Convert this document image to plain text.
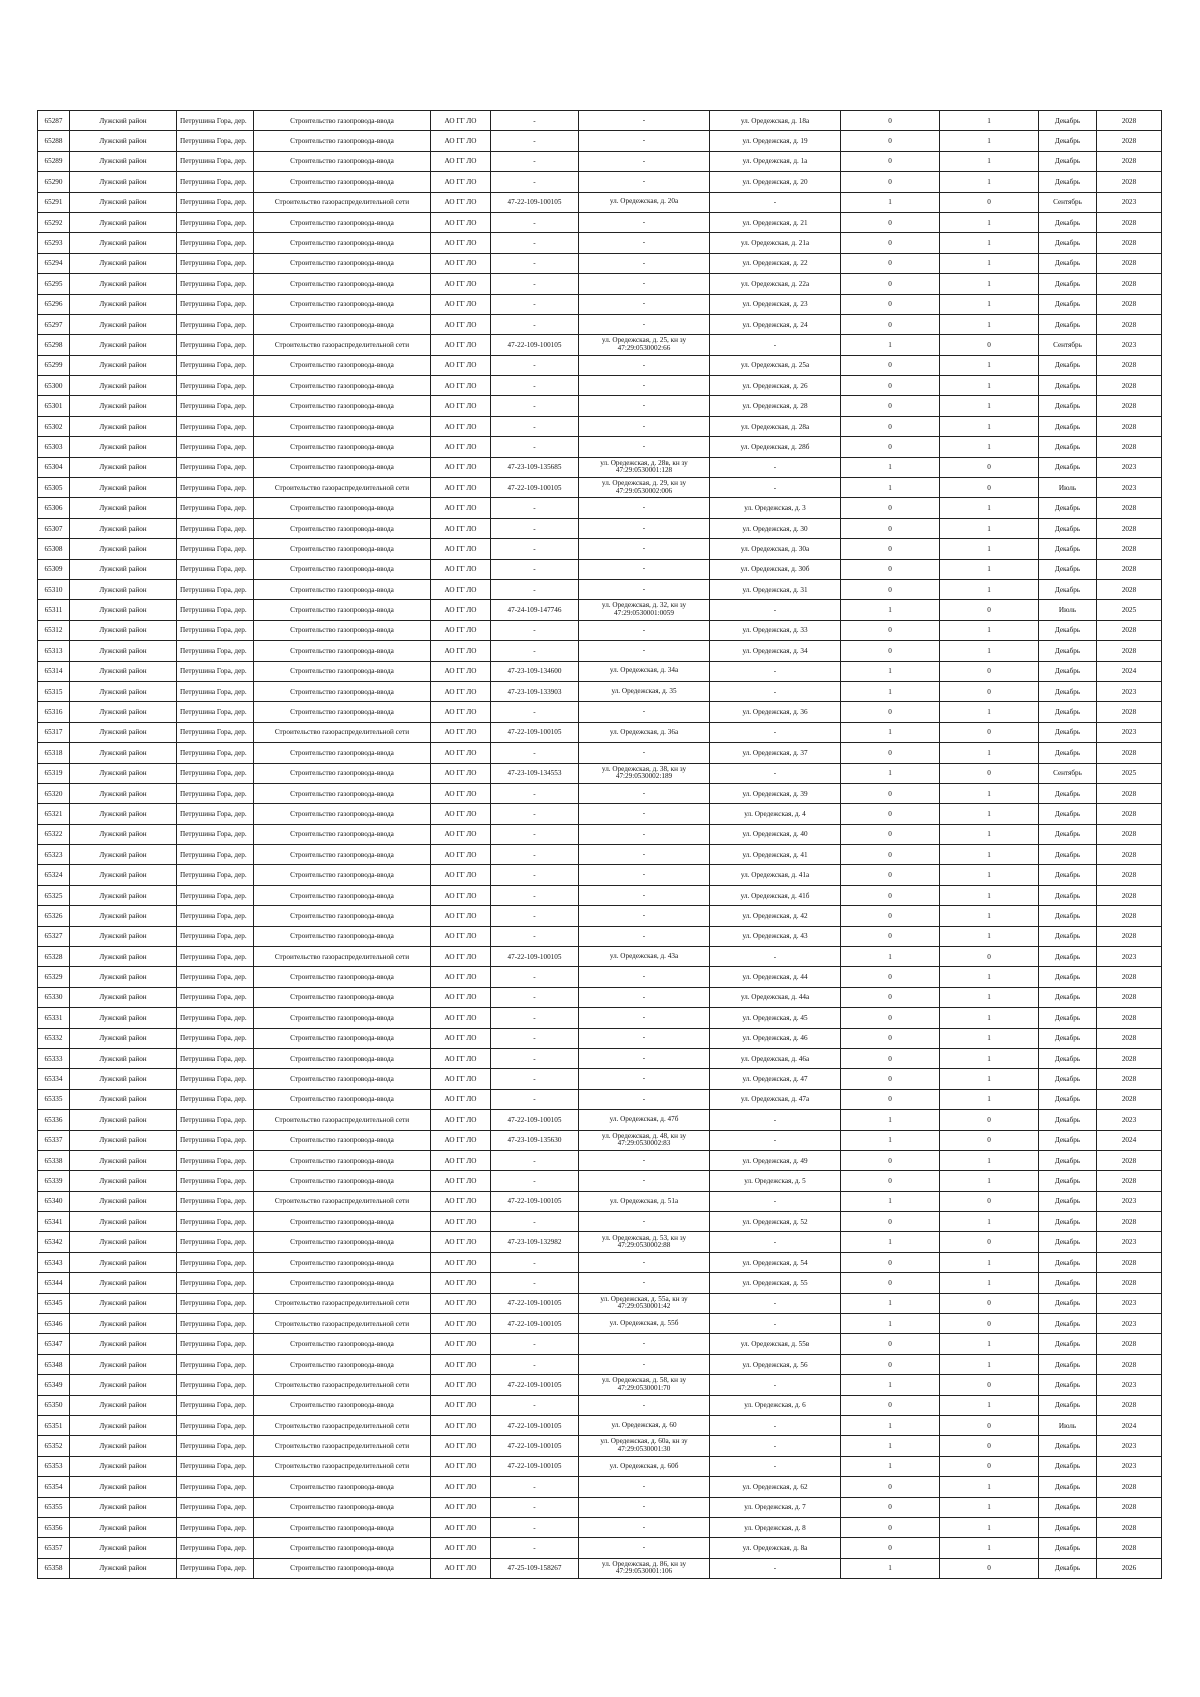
65287	Лужский район	Петрушина Гора, дер.	Строительство газопровода-ввода	АО ГГ ЛО	-	-	ул. Оредежская, д. 18а	0	1	Декабрь	2028
65288	Лужский район	Петрушина Гора, дер.	Строительство газопровода-ввода	АО ГГ ЛО	-	-	ул. Оредежская, д. 19	0	1	Декабрь	2028
65289	Лужский район	Петрушина Гора, дер.	Строительство газопровода-ввода	АО ГГ ЛО	-	-	ул. Оредежская, д. 1а	0	1	Декабрь	2028
65290	Лужский район	Петрушина Гора, дер.	Строительство газопровода-ввода	АО ГГ ЛО	-	-	ул. Оредежская, д. 20	0	1	Декабрь	2028
65291	Лужский район	Петрушина Гора, дер.	Строительство газораспределительной сети	АО ГГ ЛО	47-22-109-100105	ул. Оредежская, д. 20а	-	1	0	Сентябрь	2023
65292	Лужский район	Петрушина Гора, дер.	Строительство газопровода-ввода	АО ГГ ЛО	-	-	ул. Оредежская, д. 21	0	1	Декабрь	2028
65293	Лужский район	Петрушина Гора, дер.	Строительство газопровода-ввода	АО ГГ ЛО	-	-	ул. Оредежская, д. 21а	0	1	Декабрь	2028
65294	Лужский район	Петрушина Гора, дер.	Строительство газопровода-ввода	АО ГГ ЛО	-	-	ул. Оредежская, д. 22	0	1	Декабрь	2028
65295	Лужский район	Петрушина Гора, дер.	Строительство газопровода-ввода	АО ГГ ЛО	-	-	ул. Оредежская, д. 22а	0	1	Декабрь	2028
65296	Лужский район	Петрушина Гора, дер.	Строительство газопровода-ввода	АО ГГ ЛО	-	-	ул. Оредежская, д. 23	0	1	Декабрь	2028
65297	Лужский район	Петрушина Гора, дер.	Строительство газопровода-ввода	АО ГГ ЛО	-	-	ул. Оредежская, д. 24	0	1	Декабрь	2028
65298	Лужский район	Петрушина Гора, дер.	Строительство газораспределительной сети	АО ГГ ЛО	47-22-109-100105	ул. Оредежская, д. 25, кн зу 47:29:0530002:66	-	1	0	Сентябрь	2023
65299	Лужский район	Петрушина Гора, дер.	Строительство газопровода-ввода	АО ГГ ЛО	-	-	ул. Оредежская, д. 25а	0	1	Декабрь	2028
65300	Лужский район	Петрушина Гора, дер.	Строительство газопровода-ввода	АО ГГ ЛО	-	-	ул. Оредежская, д. 26	0	1	Декабрь	2028
65301	Лужский район	Петрушина Гора, дер.	Строительство газопровода-ввода	АО ГГ ЛО	-	-	ул. Оредежская, д. 28	0	1	Декабрь	2028
65302	Лужский район	Петрушина Гора, дер.	Строительство газопровода-ввода	АО ГГ ЛО	-	-	ул. Оредежская, д. 28а	0	1	Декабрь	2028
65303	Лужский район	Петрушина Гора, дер.	Строительство газопровода-ввода	АО ГГ ЛО	-	-	ул. Оредежская, д. 28б	0	1	Декабрь	2028
65304	Лужский район	Петрушина Гора, дер.	Строительство газопровода-ввода	АО ГГ ЛО	47-23-109-135685	ул. Оредежская, д. 28в, кн зу 47:29:0530001:128	-	1	0	Декабрь	2023
65305	Лужский район	Петрушина Гора, дер.	Строительство газораспределительной сети	АО ГГ ЛО	47-22-109-100105	ул. Оредежская, д. 29, кн зу 47:29:0530002:006	-	1	0	Июль	2023
65306	Лужский район	Петрушина Гора, дер.	Строительство газопровода-ввода	АО ГГ ЛО	-	-	ул. Оредежская, д. 3	0	1	Декабрь	2028
65307	Лужский район	Петрушина Гора, дер.	Строительство газопровода-ввода	АО ГГ ЛО	-	-	ул. Оредежская, д. 30	0	1	Декабрь	2028
65308	Лужский район	Петрушина Гора, дер.	Строительство газопровода-ввода	АО ГГ ЛО	-	-	ул. Оредежская, д. 30а	0	1	Декабрь	2028
65309	Лужский район	Петрушина Гора, дер.	Строительство газопровода-ввода	АО ГГ ЛО	-	-	ул. Оредежская, д. 30б	0	1	Декабрь	2028
65310	Лужский район	Петрушина Гора, дер.	Строительство газопровода-ввода	АО ГГ ЛО	-	-	ул. Оредежская, д. 31	0	1	Декабрь	2028
65311	Лужский район	Петрушина Гора, дер.	Строительство газопровода-ввода	АО ГГ ЛО	47-24-109-147746	ул. Оредежская, д. 32, кн зу 47:29:0530001:0059	-	1	0	Июль	2025
65312	Лужский район	Петрушина Гора, дер.	Строительство газопровода-ввода	АО ГГ ЛО	-	-	ул. Оредежская, д. 33	0	1	Декабрь	2028
65313	Лужский район	Петрушина Гора, дер.	Строительство газопровода-ввода	АО ГГ ЛО	-	-	ул. Оредежская, д. 34	0	1	Декабрь	2028
65314	Лужский район	Петрушина Гора, дер.	Строительство газопровода-ввода	АО ГГ ЛО	47-23-109-134600	ул. Оредежская, д. 34а	-	1	0	Декабрь	2024
65315	Лужский район	Петрушина Гора, дер.	Строительство газопровода-ввода	АО ГГ ЛО	47-23-109-133903	ул. Оредежская, д. 35	-	1	0	Декабрь	2023
65316	Лужский район	Петрушина Гора, дер.	Строительство газопровода-ввода	АО ГГ ЛО	-	-	ул. Оредежская, д. 36	0	1	Декабрь	2028
65317	Лужский район	Петрушина Гора, дер.	Строительство газораспределительной сети	АО ГГ ЛО	47-22-109-100105	ул. Оредежская, д. 36а	-	1	0	Декабрь	2023
65318	Лужский район	Петрушина Гора, дер.	Строительство газопровода-ввода	АО ГГ ЛО	-	-	ул. Оредежская, д. 37	0	1	Декабрь	2028
65319	Лужский район	Петрушина Гора, дер.	Строительство газопровода-ввода	АО ГГ ЛО	47-23-109-134553	ул. Оредежская, д. 38, кн зу 47:29:0530002:189	-	1	0	Сентябрь	2025
65320	Лужский район	Петрушина Гора, дер.	Строительство газопровода-ввода	АО ГГ ЛО	-	-	ул. Оредежская, д. 39	0	1	Декабрь	2028
65321	Лужский район	Петрушина Гора, дер.	Строительство газопровода-ввода	АО ГГ ЛО	-	-	ул. Оредежская, д. 4	0	1	Декабрь	2028
65322	Лужский район	Петрушина Гора, дер.	Строительство газопровода-ввода	АО ГГ ЛО	-	-	ул. Оредежская, д. 40	0	1	Декабрь	2028
65323	Лужский район	Петрушина Гора, дер.	Строительство газопровода-ввода	АО ГГ ЛО	-	-	ул. Оредежская, д. 41	0	1	Декабрь	2028
65324	Лужский район	Петрушина Гора, дер.	Строительство газопровода-ввода	АО ГГ ЛО	-	-	ул. Оредежская, д. 41а	0	1	Декабрь	2028
65325	Лужский район	Петрушина Гора, дер.	Строительство газопровода-ввода	АО ГГ ЛО	-	-	ул. Оредежская, д. 41б	0	1	Декабрь	2028
65326	Лужский район	Петрушина Гора, дер.	Строительство газопровода-ввода	АО ГГ ЛО	-	-	ул. Оредежская, д. 42	0	1	Декабрь	2028
65327	Лужский район	Петрушина Гора, дер.	Строительство газопровода-ввода	АО ГГ ЛО	-	-	ул. Оредежская, д. 43	0	1	Декабрь	2028
65328	Лужский район	Петрушина Гора, дер.	Строительство газораспределительной сети	АО ГГ ЛО	47-22-109-100105	ул. Оредежская, д. 43а	-	1	0	Декабрь	2023
65329	Лужский район	Петрушина Гора, дер.	Строительство газопровода-ввода	АО ГГ ЛО	-	-	ул. Оредежская, д. 44	0	1	Декабрь	2028
65330	Лужский район	Петрушина Гора, дер.	Строительство газопровода-ввода	АО ГГ ЛО	-	-	ул. Оредежская, д. 44а	0	1	Декабрь	2028
65331	Лужский район	Петрушина Гора, дер.	Строительство газопровода-ввода	АО ГГ ЛО	-	-	ул. Оредежская, д. 45	0	1	Декабрь	2028
65332	Лужский район	Петрушина Гора, дер.	Строительство газопровода-ввода	АО ГГ ЛО	-	-	ул. Оредежская, д. 46	0	1	Декабрь	2028
65333	Лужский район	Петрушина Гора, дер.	Строительство газопровода-ввода	АО ГГ ЛО	-	-	ул. Оредежская, д. 46а	0	1	Декабрь	2028
65334	Лужский район	Петрушина Гора, дер.	Строительство газопровода-ввода	АО ГГ ЛО	-	-	ул. Оредежская, д. 47	0	1	Декабрь	2028
65335	Лужский район	Петрушина Гора, дер.	Строительство газопровода-ввода	АО ГГ ЛО	-	-	ул. Оредежская, д. 47а	0	1	Декабрь	2028
65336	Лужский район	Петрушина Гора, дер.	Строительство газораспределительной сети	АО ГГ ЛО	47-22-109-100105	ул. Оредежская, д. 47б	-	1	0	Декабрь	2023
65337	Лужский район	Петрушина Гора, дер.	Строительство газопровода-ввода	АО ГГ ЛО	47-23-109-135630	ул. Оредежская, д. 48, кн зу 47:29:0530002:83	-	1	0	Декабрь	2024
65338	Лужский район	Петрушина Гора, дер.	Строительство газопровода-ввода	АО ГГ ЛО	-	-	ул. Оредежская, д. 49	0	1	Декабрь	2028
65339	Лужский район	Петрушина Гора, дер.	Строительство газопровода-ввода	АО ГГ ЛО	-	-	ул. Оредежская, д. 5	0	1	Декабрь	2028
65340	Лужский район	Петрушина Гора, дер.	Строительство газораспределительной сети	АО ГГ ЛО	47-22-109-100105	ул. Оредежская, д. 51а	-	1	0	Декабрь	2023
65341	Лужский район	Петрушина Гора, дер.	Строительство газопровода-ввода	АО ГГ ЛО	-	-	ул. Оредежская, д. 52	0	1	Декабрь	2028
65342	Лужский район	Петрушина Гора, дер.	Строительство газопровода-ввода	АО ГГ ЛО	47-23-109-132982	ул. Оредежская, д. 53, кн зу 47:29:0530002:88	-	1	0	Декабрь	2023
65343	Лужский район	Петрушина Гора, дер.	Строительство газопровода-ввода	АО ГГ ЛО	-	-	ул. Оредежская, д. 54	0	1	Декабрь	2028
65344	Лужский район	Петрушина Гора, дер.	Строительство газопровода-ввода	АО ГГ ЛО	-	-	ул. Оредежская, д. 55	0	1	Декабрь	2028
65345	Лужский район	Петрушина Гора, дер.	Строительство газораспределительной сети	АО ГГ ЛО	47-22-109-100105	ул. Оредежская, д. 55а, кн зу 47:29:0530001:42	-	1	0	Декабрь	2023
65346	Лужский район	Петрушина Гора, дер.	Строительство газораспределительной сети	АО ГГ ЛО	47-22-109-100105	ул. Оредежская, д. 55б	-	1	0	Декабрь	2023
65347	Лужский район	Петрушина Гора, дер.	Строительство газопровода-ввода	АО ГГ ЛО	-	-	ул. Оредежская, д. 55в	0	1	Декабрь	2028
65348	Лужский район	Петрушина Гора, дер.	Строительство газопровода-ввода	АО ГГ ЛО	-	-	ул. Оредежская, д. 56	0	1	Декабрь	2028
65349	Лужский район	Петрушина Гора, дер.	Строительство газораспределительной сети	АО ГГ ЛО	47-22-109-100105	ул. Оредежская, д. 58, кн зу 47:29:0530001:70	-	1	0	Декабрь	2023
65350	Лужский район	Петрушина Гора, дер.	Строительство газопровода-ввода	АО ГГ ЛО	-	-	ул. Оредежская, д. 6	0	1	Декабрь	2028
65351	Лужский район	Петрушина Гора, дер.	Строительство газораспределительной сети	АО ГГ ЛО	47-22-109-100105	ул. Оредежская, д. 60	-	1	0	Июль	2024
65352	Лужский район	Петрушина Гора, дер.	Строительство газораспределительной сети	АО ГГ ЛО	47-22-109-100105	ул. Оредежская, д. 60а, кн зу 47:29:0530001:30	-	1	0	Декабрь	2023
65353	Лужский район	Петрушина Гора, дер.	Строительство газораспределительной сети	АО ГГ ЛО	47-22-109-100105	ул. Оредежская, д. 60б	-	1	0	Декабрь	2023
65354	Лужский район	Петрушина Гора, дер.	Строительство газопровода-ввода	АО ГГ ЛО	-	-	ул. Оредежская, д. 62	0	1	Декабрь	2028
65355	Лужский район	Петрушина Гора, дер.	Строительство газопровода-ввода	АО ГГ ЛО	-	-	ул. Оредежская, д. 7	0	1	Декабрь	2028
65356	Лужский район	Петрушина Гора, дер.	Строительство газопровода-ввода	АО ГГ ЛО	-	-	ул. Оредежская, д. 8	0	1	Декабрь	2028
65357	Лужский район	Петрушина Гора, дер.	Строительство газопровода-ввода	АО ГГ ЛО	-	-	ул. Оредежская, д. 8а	0	1	Декабрь	2028
65358	Лужский район	Петрушина Гора, дер.	Строительство газопровода-ввода	АО ГГ ЛО	47-25-109-158267	ул. Оредежская, д. 86, кн зу 47:29:0530001:106	-	1	0	Декабрь	2026
